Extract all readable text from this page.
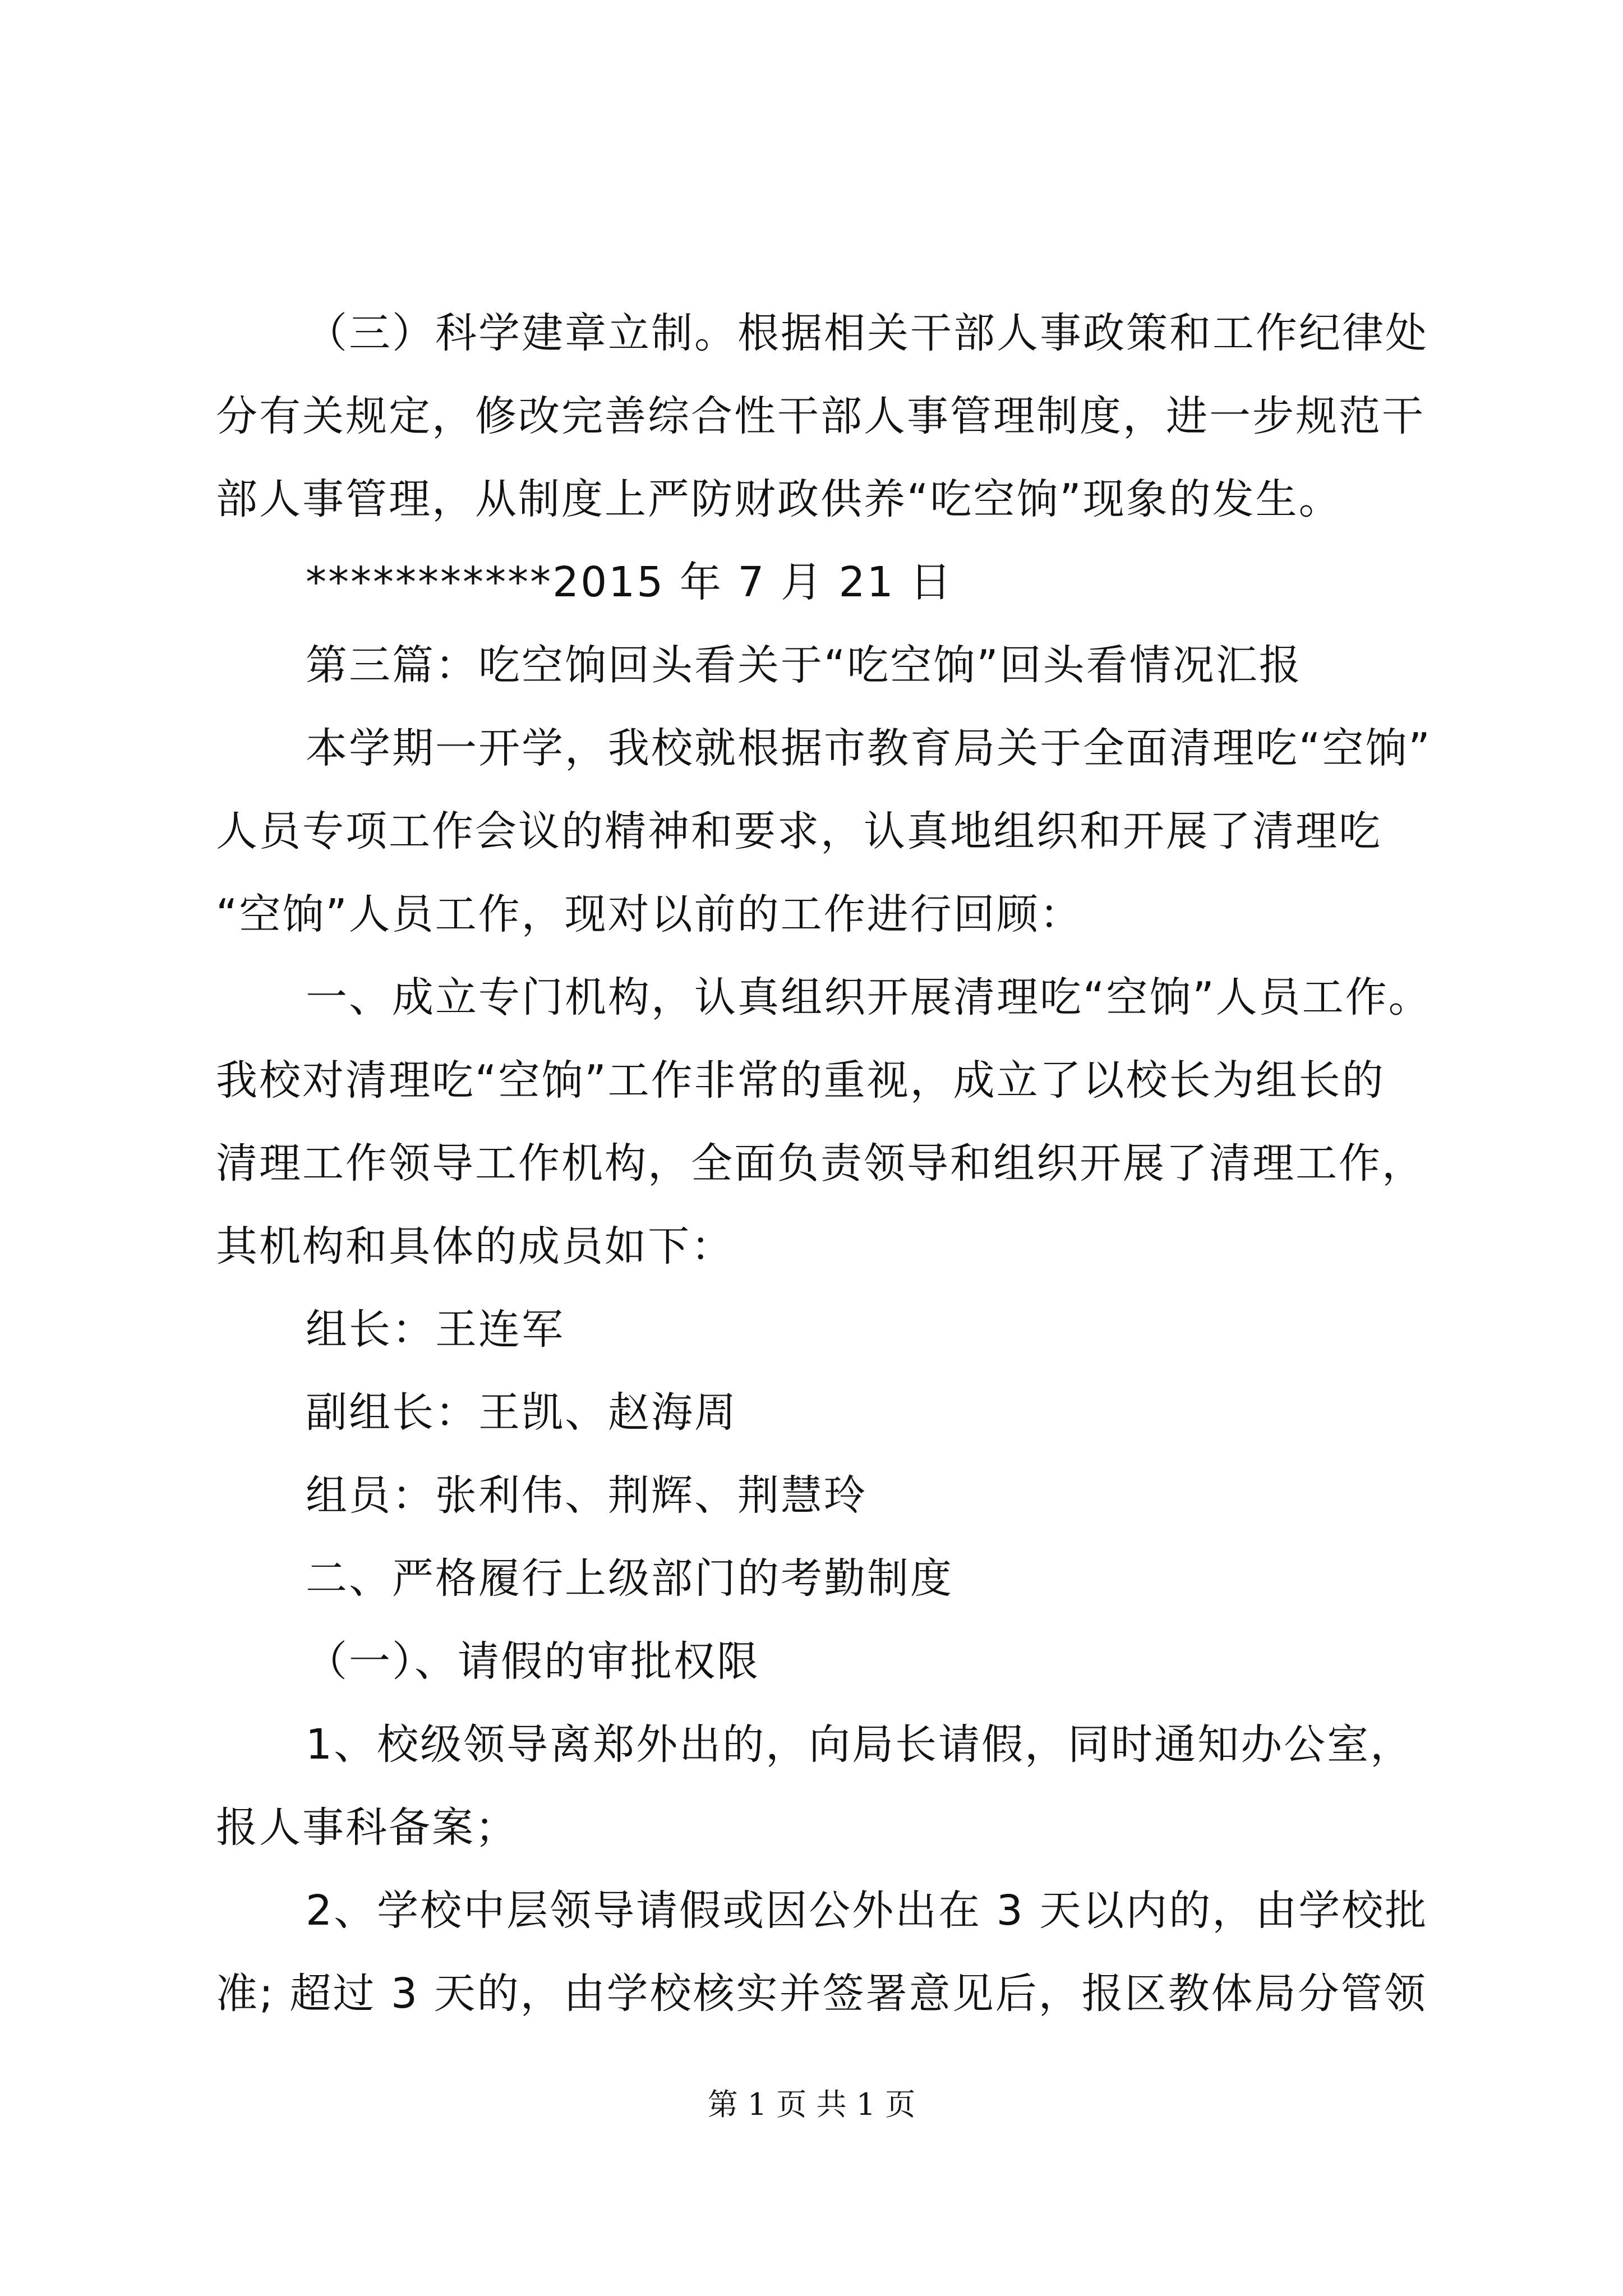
（三）科学建章立制。根据相关干部人事政策和工作纪律处
分有关规定，修改完善综合性干部人事管理制度，进一步规范干
部人事管理，从制度上严防财政供养“吃空饷”现象的发生。
***********2015 年 7 月 21 日
第三篇：吃空饷回头看关于“吃空饷”回头看情况汇报
本学期一开学，我校就根据市教育局关于全面清理吃“空饷”
人员专项工作会议的精神和要求，认真地组织和开展了清理吃
“空饷”人员工作，现对以前的工作进行回顾：
一、成立专门机构，认真组织开展清理吃“空饷”人员工作。
我校对清理吃“空饷”工作非常的重视，成立了以校长为组长的
清理工作领导工作机构，全面负责领导和组织开展了清理工作，
其机构和具体的成员如下：
组长：王连军
副组长：王凯、赵海周
组员：张利伟、荆辉、荆慧玲
二、严格履行上级部门的考勤制度
（一）、请假的审批权限
1、校级领导离郑外出的，向局长请假，同时通知办公室，
报人事科备案；
2、学校中层领导请假或因公外出在 3 天以内的，由学校批
准; 超过 3 天的，由学校核实并签署意见后，报区教体局分管领
第 1 页 共 1 页
